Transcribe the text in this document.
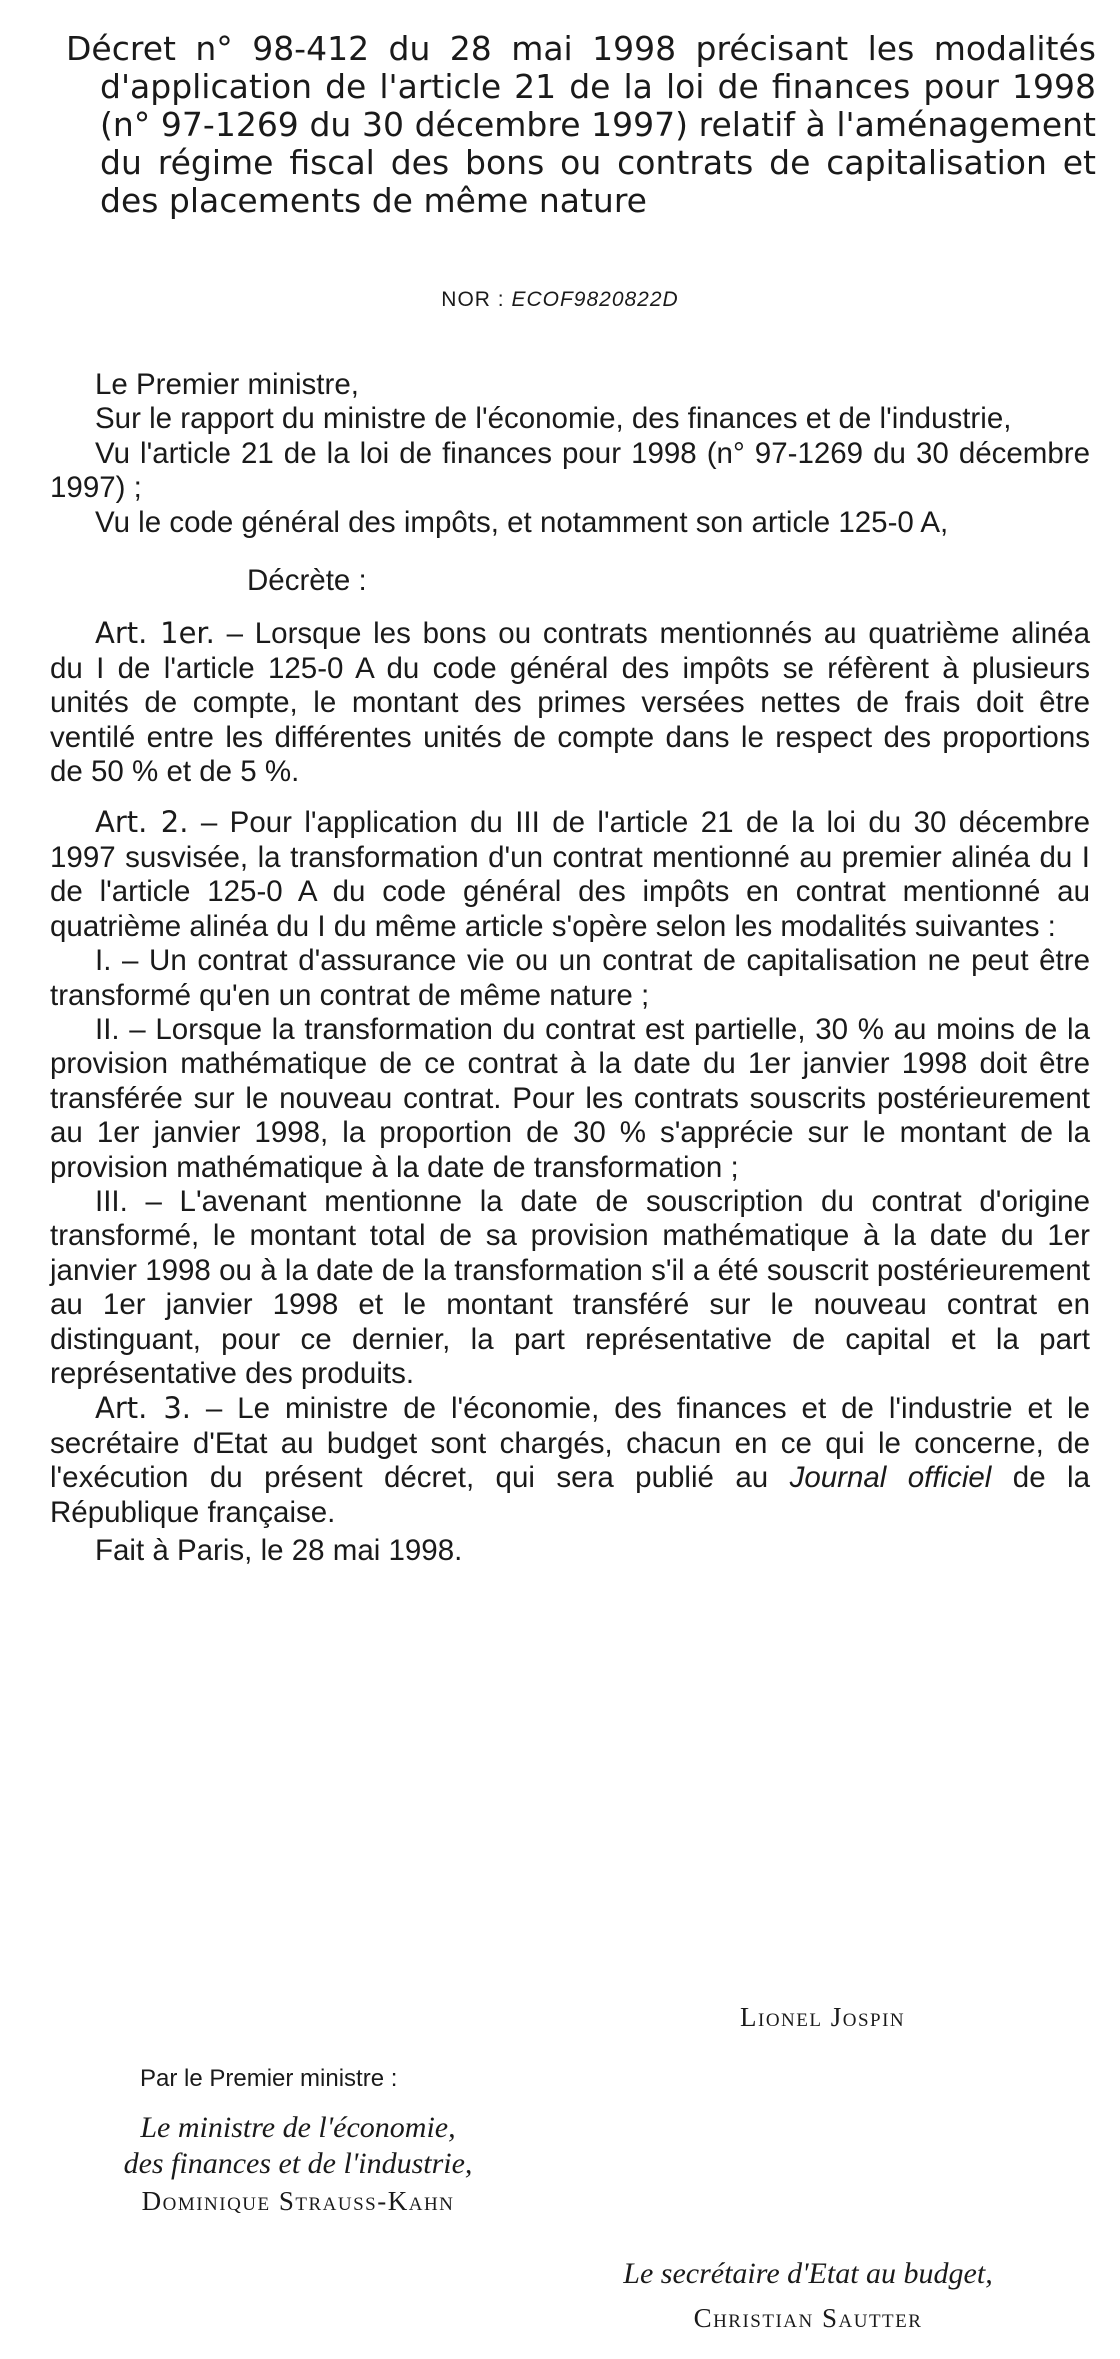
Décret n° 98-412 du 28 mai 1998 précisant les modalités d'application de l'article 21 de la loi de finances pour 1998 (n° 97-1269 du 30 décembre 1997) relatif à l'aménagement du régime fiscal des bons ou contrats de capitalisation et des placements de même nature
NOR : ECOF9820822D

Le Premier ministre,

Sur le rapport du ministre de l'économie, des finances et de l'industrie,

Vu l'article 21 de la loi de finances pour 1998 (n° 97-1269 du 30 décembre 1997) ;

Vu le code général des impôts, et notamment son article 125-0 A,

Décrète :

Art. 1er. – Lorsque les bons ou contrats mentionnés au quatrième alinéa du I de l'article 125-0 A du code général des impôts se réfèrent à plusieurs unités de compte, le montant des primes versées nettes de frais doit être ventilé entre les différentes unités de compte dans le respect des proportions de 50 % et de 5 %.

Art. 2. – Pour l'application du III de l'article 21 de la loi du 30 décembre 1997 susvisée, la transformation d'un contrat mentionné au premier alinéa du I de l'article 125-0 A du code général des impôts en contrat mentionné au quatrième alinéa du I du même article s'opère selon les modalités suivantes :

I. – Un contrat d'assurance vie ou un contrat de capitalisation ne peut être transformé qu'en un contrat de même nature ;

II. – Lorsque la transformation du contrat est partielle, 30 % au moins de la provision mathématique de ce contrat à la date du 1er janvier 1998 doit être transférée sur le nouveau contrat. Pour les contrats souscrits postérieurement au 1er janvier 1998, la proportion de 30 % s'apprécie sur le montant de la provision mathématique à la date de transformation ;

III. – L'avenant mentionne la date de souscription du contrat d'origine transformé, le montant total de sa provision mathématique à la date du 1er janvier 1998 ou à la date de la transformation s'il a été souscrit postérieurement au 1er janvier 1998 et le montant transféré sur le nouveau contrat en distinguant, pour ce dernier, la part représentative de capital et la part représentative des produits.

Art. 3. – Le ministre de l'économie, des finances et de l'industrie et le secrétaire d'Etat au budget sont chargés, chacun en ce qui le concerne, de l'exécution du présent décret, qui sera publié au Journal officiel de la République française.

Fait à Paris, le 28 mai 1998.

Lionel Jospin
Par le Premier ministre :
Le ministre de l'économie,
des finances et de l'industrie,
Dominique Strauss-Kahn
Le secrétaire d'Etat au budget,
Christian Sautter
